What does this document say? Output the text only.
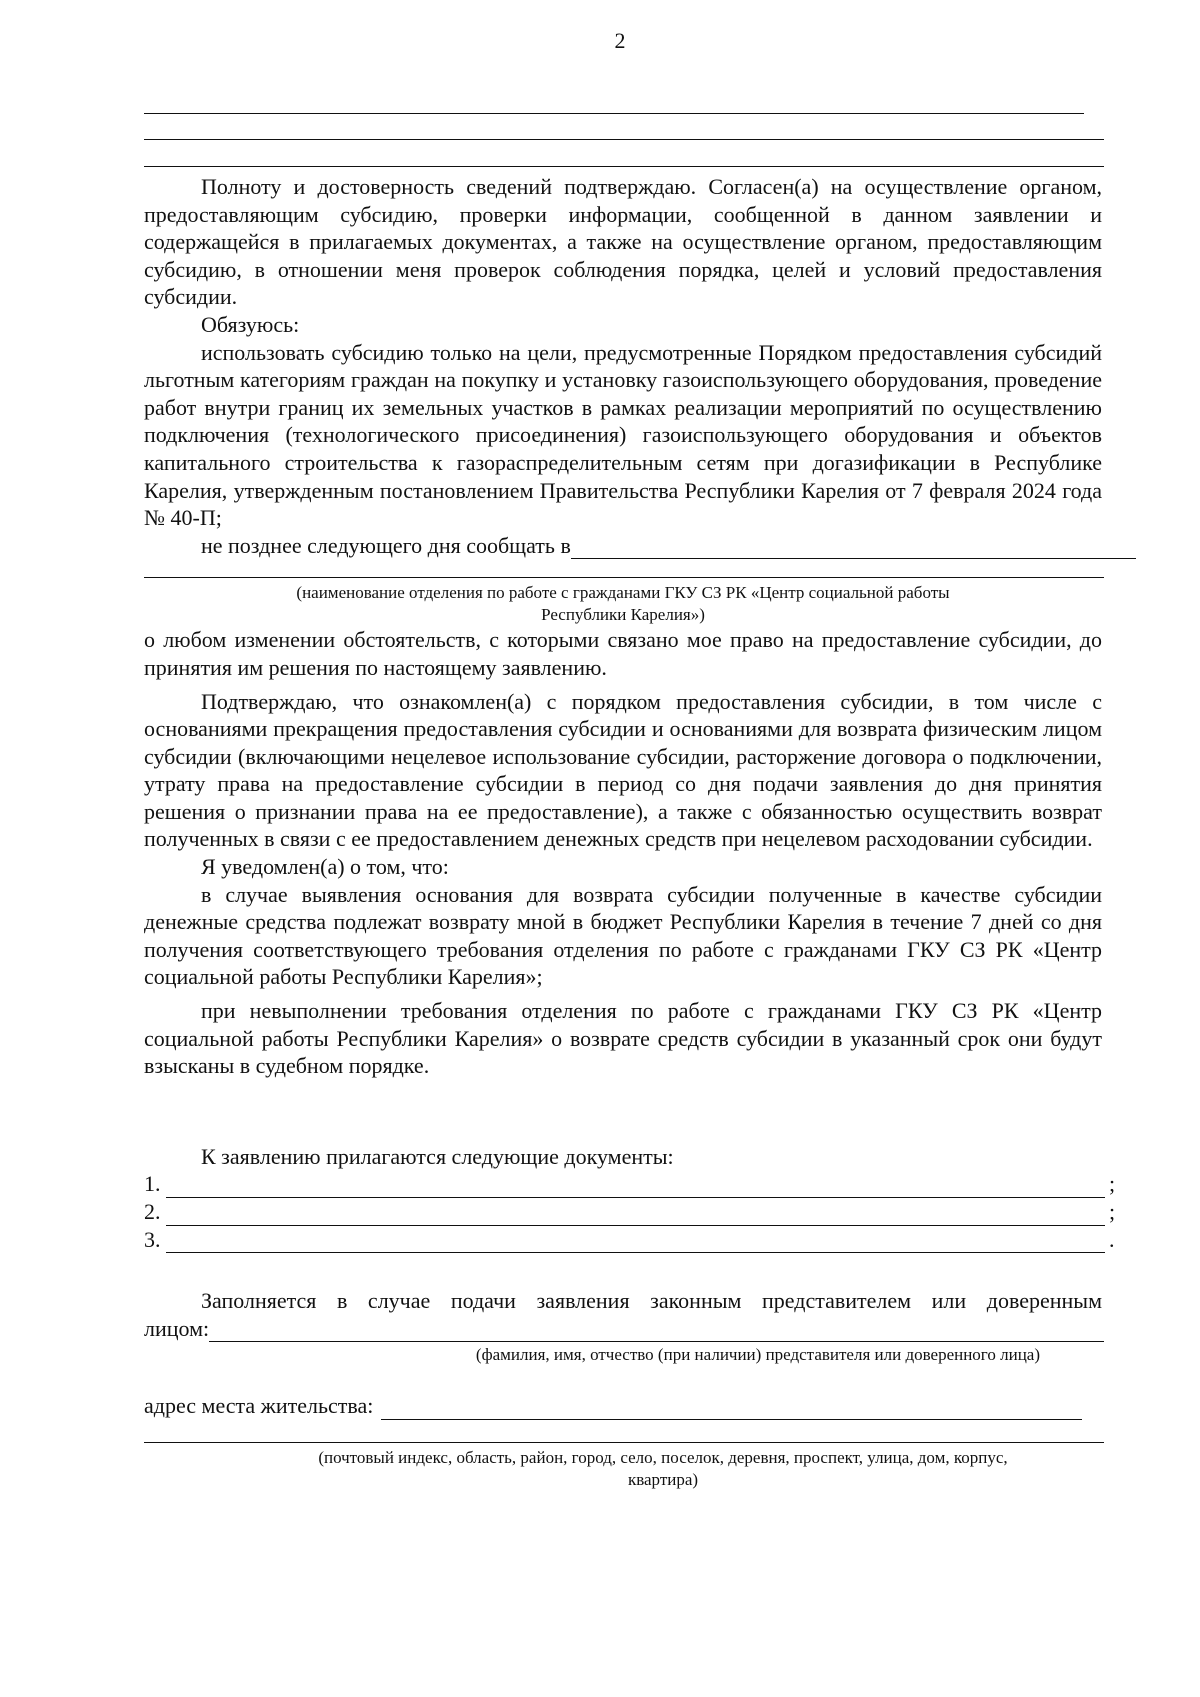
2

Полноту и достоверность сведений подтверждаю. Согласен(а) на осуществление органом, предоставляющим субсидию, проверки информации, сообщенной в данном заявлении и содержащейся в прилагаемых документах, а также на осуществление органом, предоставляющим субсидию, в отношении меня проверок соблюдения порядка, целей и условий предоставления субсидии.

Обязуюсь:

использовать субсидию только на цели, предусмотренные Порядком предоставления субсидий льготным категориям граждан на покупку и установку газоиспользующего оборудования, проведение работ внутри границ их земельных участков в рамках реализации мероприятий по осуществлению подключения (технологического присоединения) газоиспользующего оборудования и объектов капитального строительства к газораспределительным сетям при догазификации в Республике Карелия, утвержденным постановлением Правительства Республики Карелия от 7 февраля 2024 года № 40-П;

не позднее следующего дня сообщать в
(наименование отделения по работе с гражданами ГКУ СЗ РК «Центр социальной работы
Республики Карелия»)

о любом изменении обстоятельств, с которыми связано мое право на предоставление субсидии, до принятия им решения по настоящему заявлению.

Подтверждаю, что ознакомлен(а) с порядком предоставления субсидии, в том числе с основаниями прекращения предоставления субсидии и основаниями для возврата физическим лицом субсидии (включающими нецелевое использование субсидии, расторжение договора о подключении, утрату права на предоставление субсидии в период со дня подачи заявления до дня принятия решения о признании права на ее предоставление), а также с обязанностью осуществить возврат полученных в связи с ее предоставлением денежных средств при нецелевом расходовании субсидии.

Я уведомлен(а) о том, что:

в случае выявления основания для возврата субсидии полученные в качестве субсидии денежные средства подлежат возврату мной в бюджет Республики Карелия в течение 7 дней со дня получения соответствующего требования отделения по работе с гражданами ГКУ СЗ РК «Центр социальной работы Республики Карелия»;

при невыполнении требования отделения по работе с гражданами ГКУ СЗ РК «Центр социальной работы Республики Карелия» о возврате средств субсидии в указанный срок они будут взысканы в судебном порядке.

К заявлению прилагаются следующие документы:

1.	;
2.	;
3.	.

Заполняется в случае подачи заявления законным представителем или доверенным

лицом:
(фамилия, имя, отчество (при наличии) представителя или доверенного лица)
адрес места жительства:
(почтовый индекс, область, район, город, село, поселок, деревня, проспект, улица, дом, корпус,
квартира)
